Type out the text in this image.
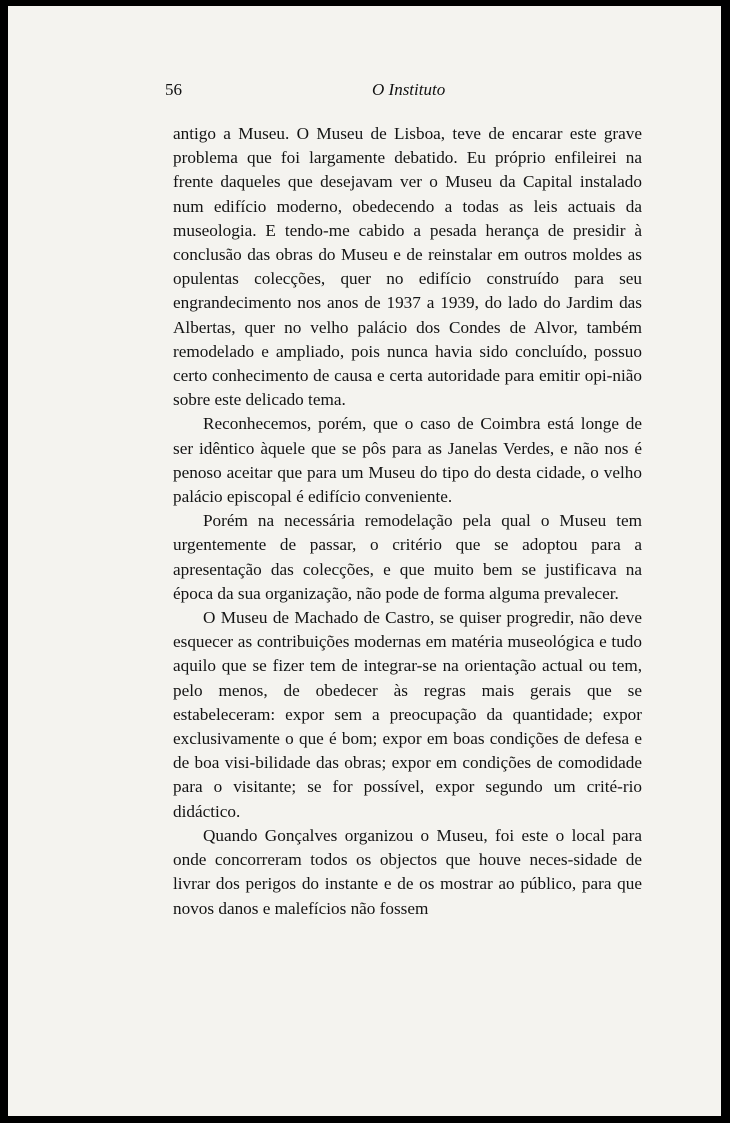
56	O Instituto

antigo a Museu. O Museu de Lisboa, teve de encarar este grave problema que foi largamente debatido. Eu próprio enfileirei na frente daqueles que desejavam ver o Museu da Capital instalado num edifício moderno, obedecendo a todas as leis actuais da museologia. E tendo-me cabido a pesada herança de presidir à conclusão das obras do Museu e de reinstalar em outros moldes as opulentas colecções, quer no edifício construído para seu engrandecimento nos anos de 1937 a 1939, do lado do Jardim das Albertas, quer no velho palácio dos Condes de Alvor, também remodelado e ampliado, pois nunca havia sido concluído, possuo certo conhecimento de causa e certa autoridade para emitir opi-nião sobre este delicado tema.

Reconhecemos, porém, que o caso de Coimbra está longe de ser idêntico àquele que se pôs para as Janelas Verdes, e não nos é penoso aceitar que para um Museu do tipo do desta cidade, o velho palácio episcopal é edifício conveniente.

Porém na necessária remodelação pela qual o Museu tem urgentemente de passar, o critério que se adoptou para a apresentação das colecções, e que muito bem se justificava na época da sua organização, não pode de forma alguma prevalecer.

O Museu de Machado de Castro, se quiser progredir, não deve esquecer as contribuições modernas em matéria museológica e tudo aquilo que se fizer tem de integrar-se na orientação actual ou tem, pelo menos, de obedecer às regras mais gerais que se estabeleceram: expor sem a preocupação da quantidade; expor exclusivamente o que é bom; expor em boas condições de defesa e de boa visi-bilidade das obras; expor em condições de comodidade para o visitante; se for possível, expor segundo um crité-rio didáctico.

Quando Gonçalves organizou o Museu, foi este o local para onde concorreram todos os objectos que houve neces-sidade de livrar dos perigos do instante e de os mostrar ao público, para que novos danos e malefícios não fossem
